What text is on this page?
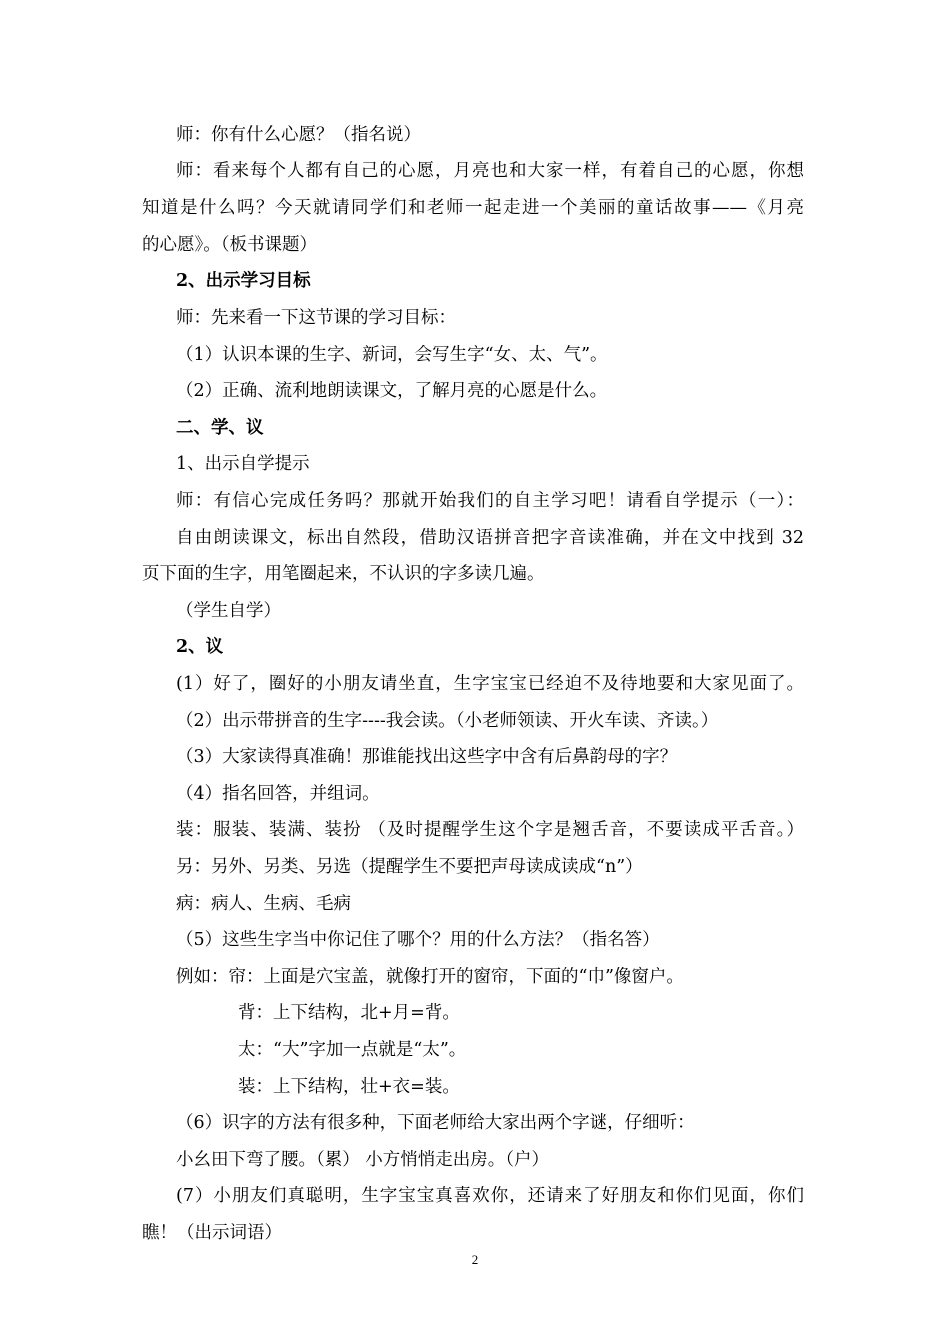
师：你有什么心愿？（指名说）
师：看来每个人都有自己的心愿，月亮也和大家一样，有着自己的心愿，你想
知道是什么吗？今天就请同学们和老师一起走进一个美丽的童话故事——《月亮
的心愿》。（板书课题）
2、出示学习目标
师：先来看一下这节课的学习目标：
（1）认识本课的生字、新词，会写生字“女、太、气”。
（2）正确、流利地朗读课文，了解月亮的心愿是什么。
二、学、议
1、出示自学提示
师：有信心完成任务吗？那就开始我们的自主学习吧！请看自学提示（一）：
自由朗读课文，标出自然段，借助汉语拼音把字音读准确，并在文中找到 32
页下面的生字，用笔圈起来，不认识的字多读几遍。
（学生自学）
2、议
(1）好了，圈好的小朋友请坐直，生字宝宝已经迫不及待地要和大家见面了。
（2）出示带拼音的生字----我会读。（小老师领读、开火车读、齐读。）
（3）大家读得真准确！那谁能找出这些字中含有后鼻韵母的字？
（4）指名回答，并组词。
装：服装、装满、装扮 （及时提醒学生这个字是翘舌音，不要读成平舌音。）
另：另外、另类、另选（提醒学生不要把声母读成读成“n”）
病：病人、生病、毛病
（5）这些生字当中你记住了哪个？用的什么方法？（指名答）
例如：帘：上面是穴宝盖，就像打开的窗帘，下面的“巾”像窗户。
背：上下结构，北+月=背。
太：“大”字加一点就是“太”。
装：上下结构，壮+衣=装。
（6）识字的方法有很多种，下面老师给大家出两个字谜，仔细听：
小幺田下弯了腰。（累） 小方悄悄走出房。（户）
(7）小朋友们真聪明，生字宝宝真喜欢你，还请来了好朋友和你们见面，你们
瞧！（出示词语）
2
